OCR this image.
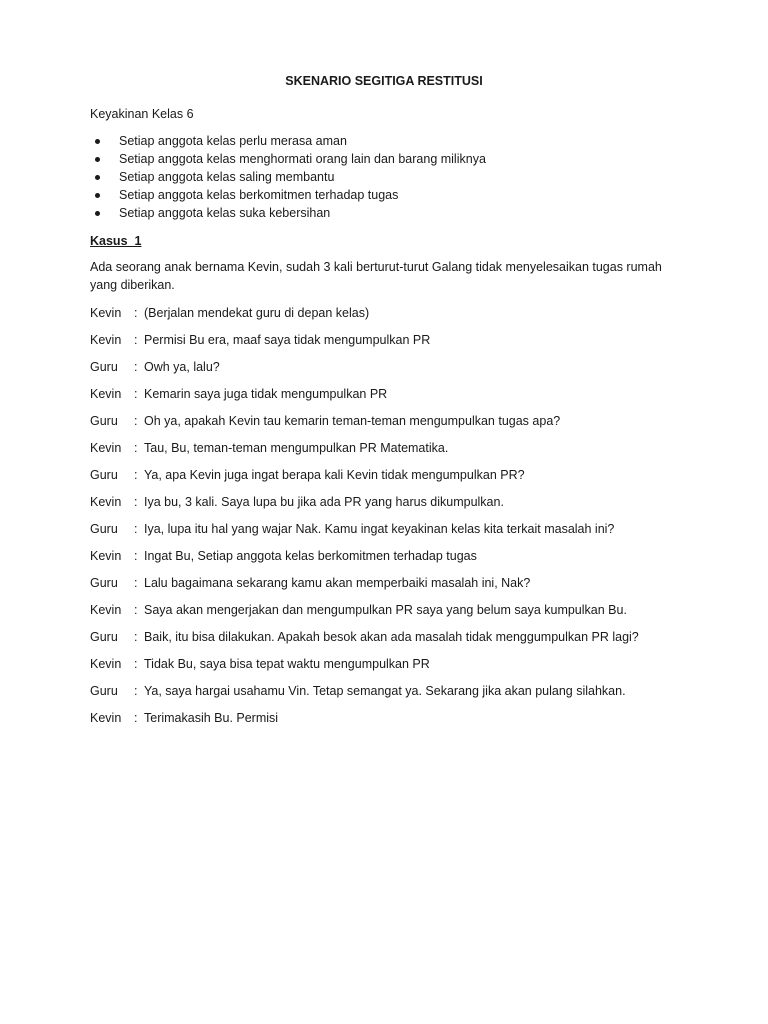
SKENARIO SEGITIGA RESTITUSI
Keyakinan Kelas 6
Setiap anggota kelas perlu merasa aman
Setiap anggota kelas menghormati orang lain dan barang miliknya
Setiap anggota kelas saling membantu
Setiap anggota kelas berkomitmen terhadap tugas
Setiap anggota kelas suka kebersihan
Kasus  1

Ada seorang anak bernama Kevin, sudah 3 kali berturut-turut Galang tidak menyelesaikan tugas rumah yang diberikan.

Kevin	: (Berjalan mendekat guru di depan kelas)
Kevin	: Permisi Bu era, maaf saya tidak mengumpulkan PR
Guru	: Owh ya, lalu?
Kevin	: Kemarin saya juga tidak mengumpulkan PR
Guru	: Oh ya, apakah Kevin tau kemarin teman-teman mengumpulkan tugas apa?
Kevin	: Tau, Bu, teman-teman mengumpulkan PR Matematika.
Guru	: Ya, apa Kevin juga ingat berapa kali Kevin tidak mengumpulkan PR?
Kevin	: Iya bu, 3 kali. Saya lupa bu jika ada PR yang harus dikumpulkan.
Guru	: Iya, lupa itu hal yang wajar Nak. Kamu ingat keyakinan kelas kita terkait masalah ini?
Kevin	: Ingat Bu, Setiap anggota kelas berkomitmen terhadap tugas
Guru	: Lalu bagaimana sekarang kamu akan memperbaiki masalah ini, Nak?
Kevin	: Saya akan mengerjakan dan mengumpulkan PR saya yang belum saya kumpulkan Bu.
Guru	: Baik, itu bisa dilakukan. Apakah besok akan ada masalah tidak menggumpulkan PR lagi?
Kevin	: Tidak Bu, saya bisa tepat waktu mengumpulkan PR
Guru	: Ya, saya hargai usahamu Vin. Tetap semangat ya. Sekarang jika akan pulang silahkan.
Kevin	: Terimakasih Bu. Permisi
